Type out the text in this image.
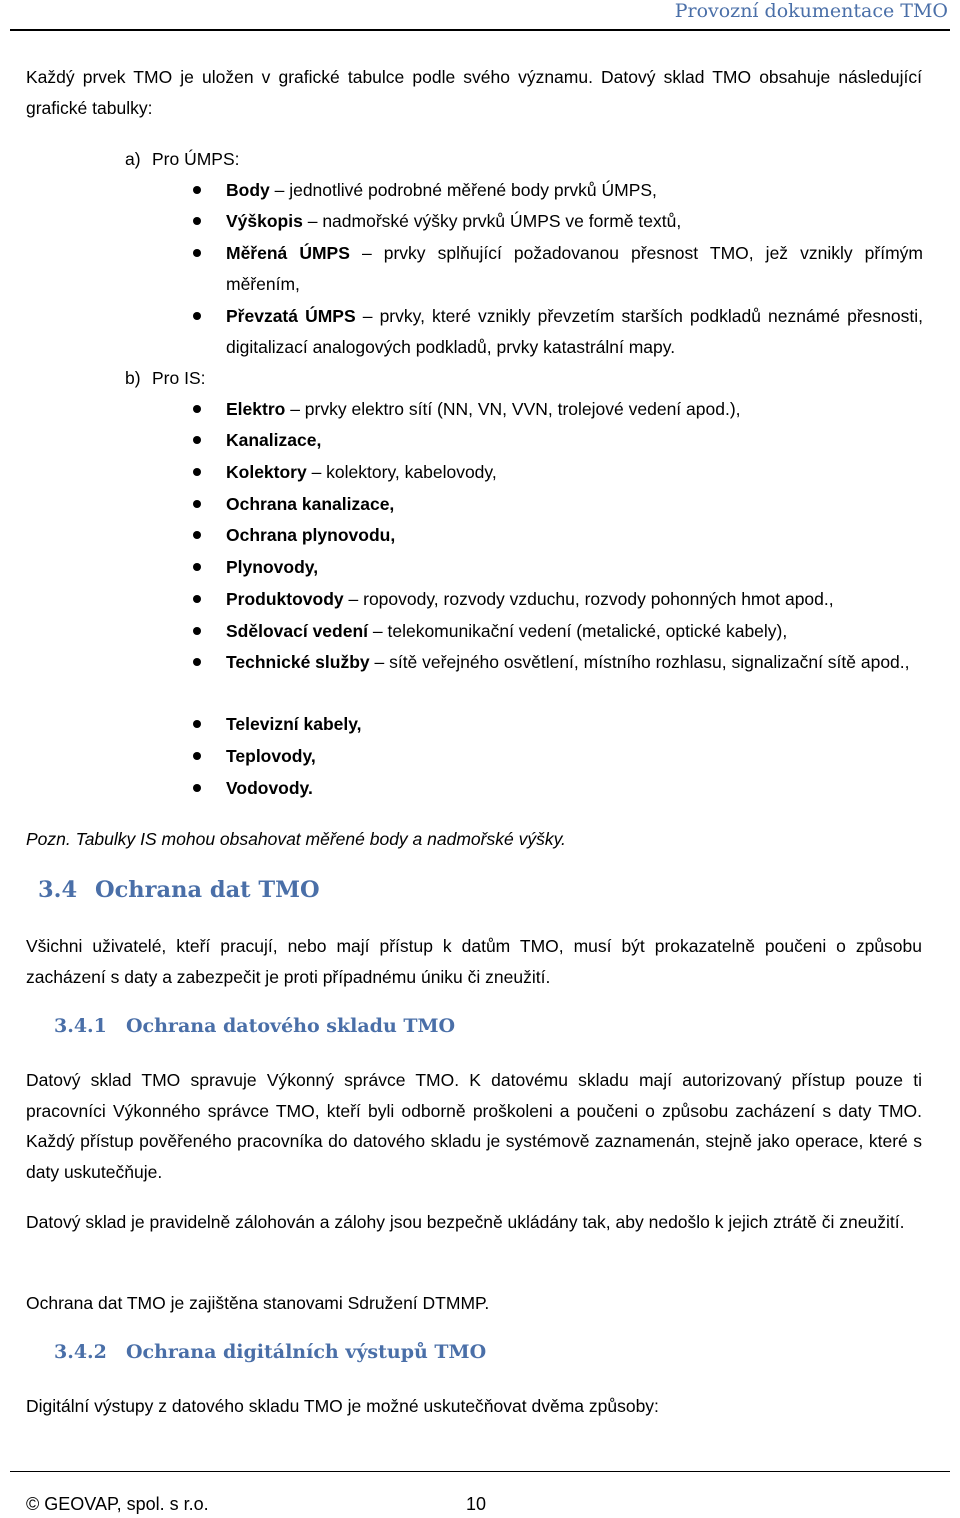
Provozní dokumentace TMO
Každý prvek TMO je uložen v grafické tabulce podle svého významu. Datový sklad TMO obsahuje následující grafické tabulky:
a) Pro ÚMPS:
Body – jednotlivé podrobné měřené body prvků ÚMPS,
Výškopis – nadmořské výšky prvků ÚMPS ve formě textů,
Měřená ÚMPS – prvky splňující požadovanou přesnost TMO, jež vznikly přímým měřením,
Převzatá ÚMPS – prvky, které vznikly převzetím starších podkladů neznámé přesnosti, digitalizací analogových podkladů, prvky katastrální mapy.
b) Pro IS:
Elektro – prvky elektro sítí (NN, VN, VVN, trolejové vedení apod.),
Kanalizace,
Kolektory – kolektory, kabelovody,
Ochrana kanalizace,
Ochrana plynovodu,
Plynovody,
Produktovody – ropovody, rozvody vzduchu, rozvody pohonných hmot apod.,
Sdělovací vedení – telekomunikační vedení (metalické, optické kabely),
Technické služby – sítě veřejného osvětlení, místního rozhlasu, signalizační sítě apod.,
Televizní kabely,
Teplovody,
Vodovody.
Pozn. Tabulky IS mohou obsahovat měřené body a nadmořské výšky.
3.4 Ochrana dat TMO
Všichni uživatelé, kteří pracují, nebo mají přístup k datům TMO, musí být prokazatelně poučeni o způsobu zacházení s daty a zabezpečit je proti případnému úniku či zneužití.
3.4.1 Ochrana datového skladu TMO
Datový sklad TMO spravuje Výkonný správce TMO. K datovému skladu mají autorizovaný přístup pouze ti pracovníci Výkonného správce TMO, kteří byli odborně proškoleni a poučeni o způsobu zacházení s daty TMO. Každý přístup pověřeného pracovníka do datového skladu je systémově zaznamenán, stejně jako operace, které s daty uskutečňuje.
Datový sklad je pravidelně zálohován a zálohy jsou bezpečně ukládány tak, aby nedošlo k jejich ztrátě či zneužití.
Ochrana dat TMO je zajištěna stanovami Sdružení DTMMP.
3.4.2 Ochrana digitálních výstupů TMO
Digitální výstupy z datového skladu TMO je možné uskutečňovat dvěma způsoby:
© GEOVAP, spol. s r.o.	10
